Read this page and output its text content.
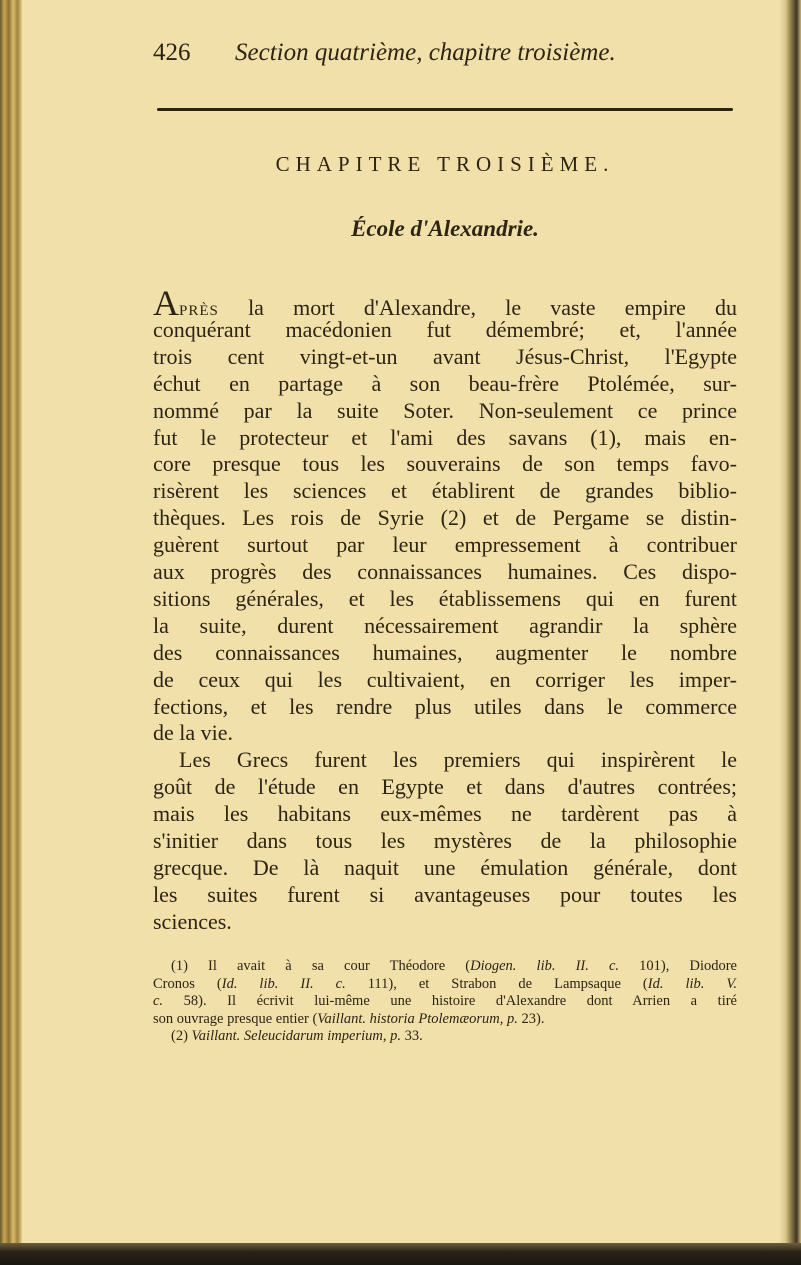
426 Section quatrième, chapitre troisième.
CHAPITRE TROISIÈME.
École d'Alexandrie.
APRÈS la mort d'Alexandre, le vaste empire du
conquérant macédonien fut démembré; et, l'année
trois cent vingt-et-un avant Jésus-Christ, l'Egypte
échut en partage à son beau-frère Ptolémée, sur-
nommé par la suite Soter. Non-seulement ce prince
fut le protecteur et l'ami des savans (1), mais en-
core presque tous les souverains de son temps favo-
risèrent les sciences et établirent de grandes biblio-
thèques. Les rois de Syrie (2) et de Pergame se distin-
guèrent surtout par leur empressement à contribuer
aux progrès des connaissances humaines. Ces dispo-
sitions générales, et les établissemens qui en furent
la suite, durent nécessairement agrandir la sphère
des connaissances humaines, augmenter le nombre
de ceux qui les cultivaient, en corriger les imper-
fections, et les rendre plus utiles dans le commerce
de la vie.
Les Grecs furent les premiers qui inspirèrent le
goût de l'étude en Egypte et dans d'autres contrées;
mais les habitans eux-mêmes ne tardèrent pas à
s'initier dans tous les mystères de la philosophie
grecque. De là naquit une émulation générale, dont
les suites furent si avantageuses pour toutes les
sciences.
(1) Il avait à sa cour Théodore (Diogen. lib. II. c. 101), Diodore
Cronos (Id. lib. II. c. 111), et Strabon de Lampsaque (Id. lib. V.
c. 58). Il écrivit lui-même une histoire d'Alexandre dont Arrien a tiré
son ouvrage presque entier (Vaillant. historia Ptolemæorum, p. 23).
(2) Vaillant. Seleucidarum imperium, p. 33.
